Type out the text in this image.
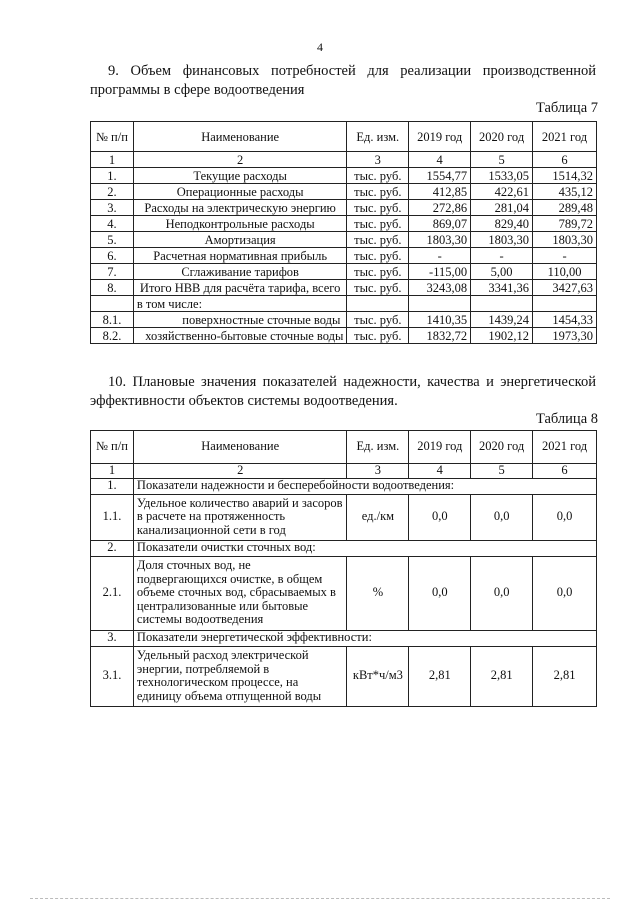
4
9. Объем финансовых потребностей для реализации производственной программы в сфере водоотведения
Таблица 7
№ п/п	Наименование	Ед. изм.	2019 год	2020 год	2021 год
1	2	3	4	5	6
1.	Текущие расходы	тыс. руб.	1554,77	1533,05	1514,32
2.	Операционные расходы	тыс. руб.	412,85	422,61	435,12
3.	Расходы на электрическую энергию	тыс. руб.	272,86	281,04	289,48
4.	Неподконтрольные расходы	тыс. руб.	869,07	829,40	789,72
5.	Амортизация	тыс. руб.	1803,30	1803,30	1803,30
6.	Расчетная нормативная прибыль	тыс. руб.	-	-	-
7.	Сглаживание тарифов	тыс. руб.	-115,00	5,00	110,00
8.	Итого НВВ для расчёта тарифа, всего	тыс. руб.	3243,08	3341,36	3427,63
	в том числе:				
8.1.	поверхностные сточные воды	тыс. руб.	1410,35	1439,24	1454,33
8.2.	хозяйственно-бытовые сточные воды	тыс. руб.	1832,72	1902,12	1973,30
10. Плановые значения показателей надежности, качества и энергетической эффективности объектов системы водоотведения.
Таблица 8
№ п/п	Наименование	Ед. изм.	2019 год	2020 год	2021 год
1	2	3	4	5	6
1.	Показатели надежности и бесперебойности водоотведения:				
1.1.	Удельное количество аварий и засоров в расчете на протяженность канализационной сети в год	ед./км	0,0	0,0	0,0
2.	Показатели очистки сточных вод:				
2.1.	Доля сточных вод, не подвергающихся очистке, в общем объеме сточных вод, сбрасываемых в централизованные или бытовые системы водоотведения	%	0,0	0,0	0,0
3.	Показатели энергетической эффективности:				
3.1.	Удельный расход электрической энергии, потребляемой в технологическом процессе, на единицу объема отпущенной воды	кВт*ч/м3	2,81	2,81	2,81
